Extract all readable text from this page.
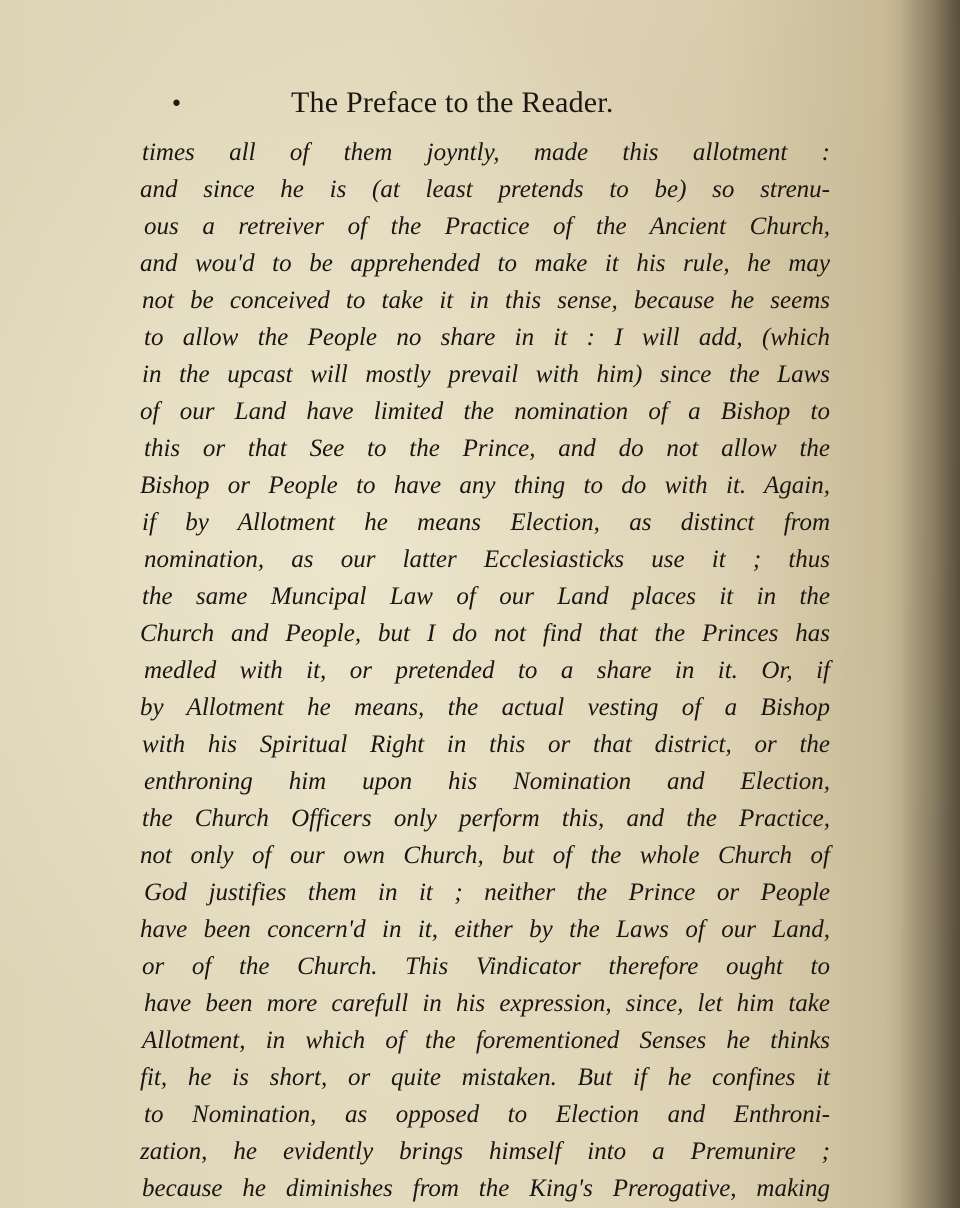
•	The Preface to the Reader.
times all of them joyntly, made this allotment :
and since he is (at least pretends to be) so strenu-
ous a retreiver of the Practice of the Ancient Church,
and wou'd to be apprehended to make it his rule, he may
not be conceived to take it in this sense, because he seems
to allow the People no share in it : I will add, (which
in the upcast will mostly prevail with him) since the Laws
of our Land have limited the nomination of a Bishop to
this or that See to the Prince, and do not allow the
Bishop or People to have any thing to do with it. Again,
if by Allotment he means Election, as distinct from
nomination, as our latter Ecclesiasticks use it ; thus
the same Muncipal Law of our Land places it in the
Church and People, but I do not find that the Princes has
medled with it, or pretended to a share in it. Or, if
by Allotment he means, the actual vesting of a Bishop
with his Spiritual Right in this or that district, or the
enthroning him upon his Nomination and Election,
the Church Officers only perform this, and the Practice,
not only of our own Church, but of the whole Church of
God justifies them in it ; neither the Prince or People
have been concern'd in it, either by the Laws of our Land,
or of the Church. This Vindicator therefore ought to
have been more carefull in his expression, since, let him take
Allotment, in which of the forementioned Senses he thinks
fit, he is short, or quite mistaken. But if he confines it
to Nomination, as opposed to Election and Enthroni-
zation, he evidently brings himself into a Premunire ;
because he diminishes from the King's Prerogative, making
